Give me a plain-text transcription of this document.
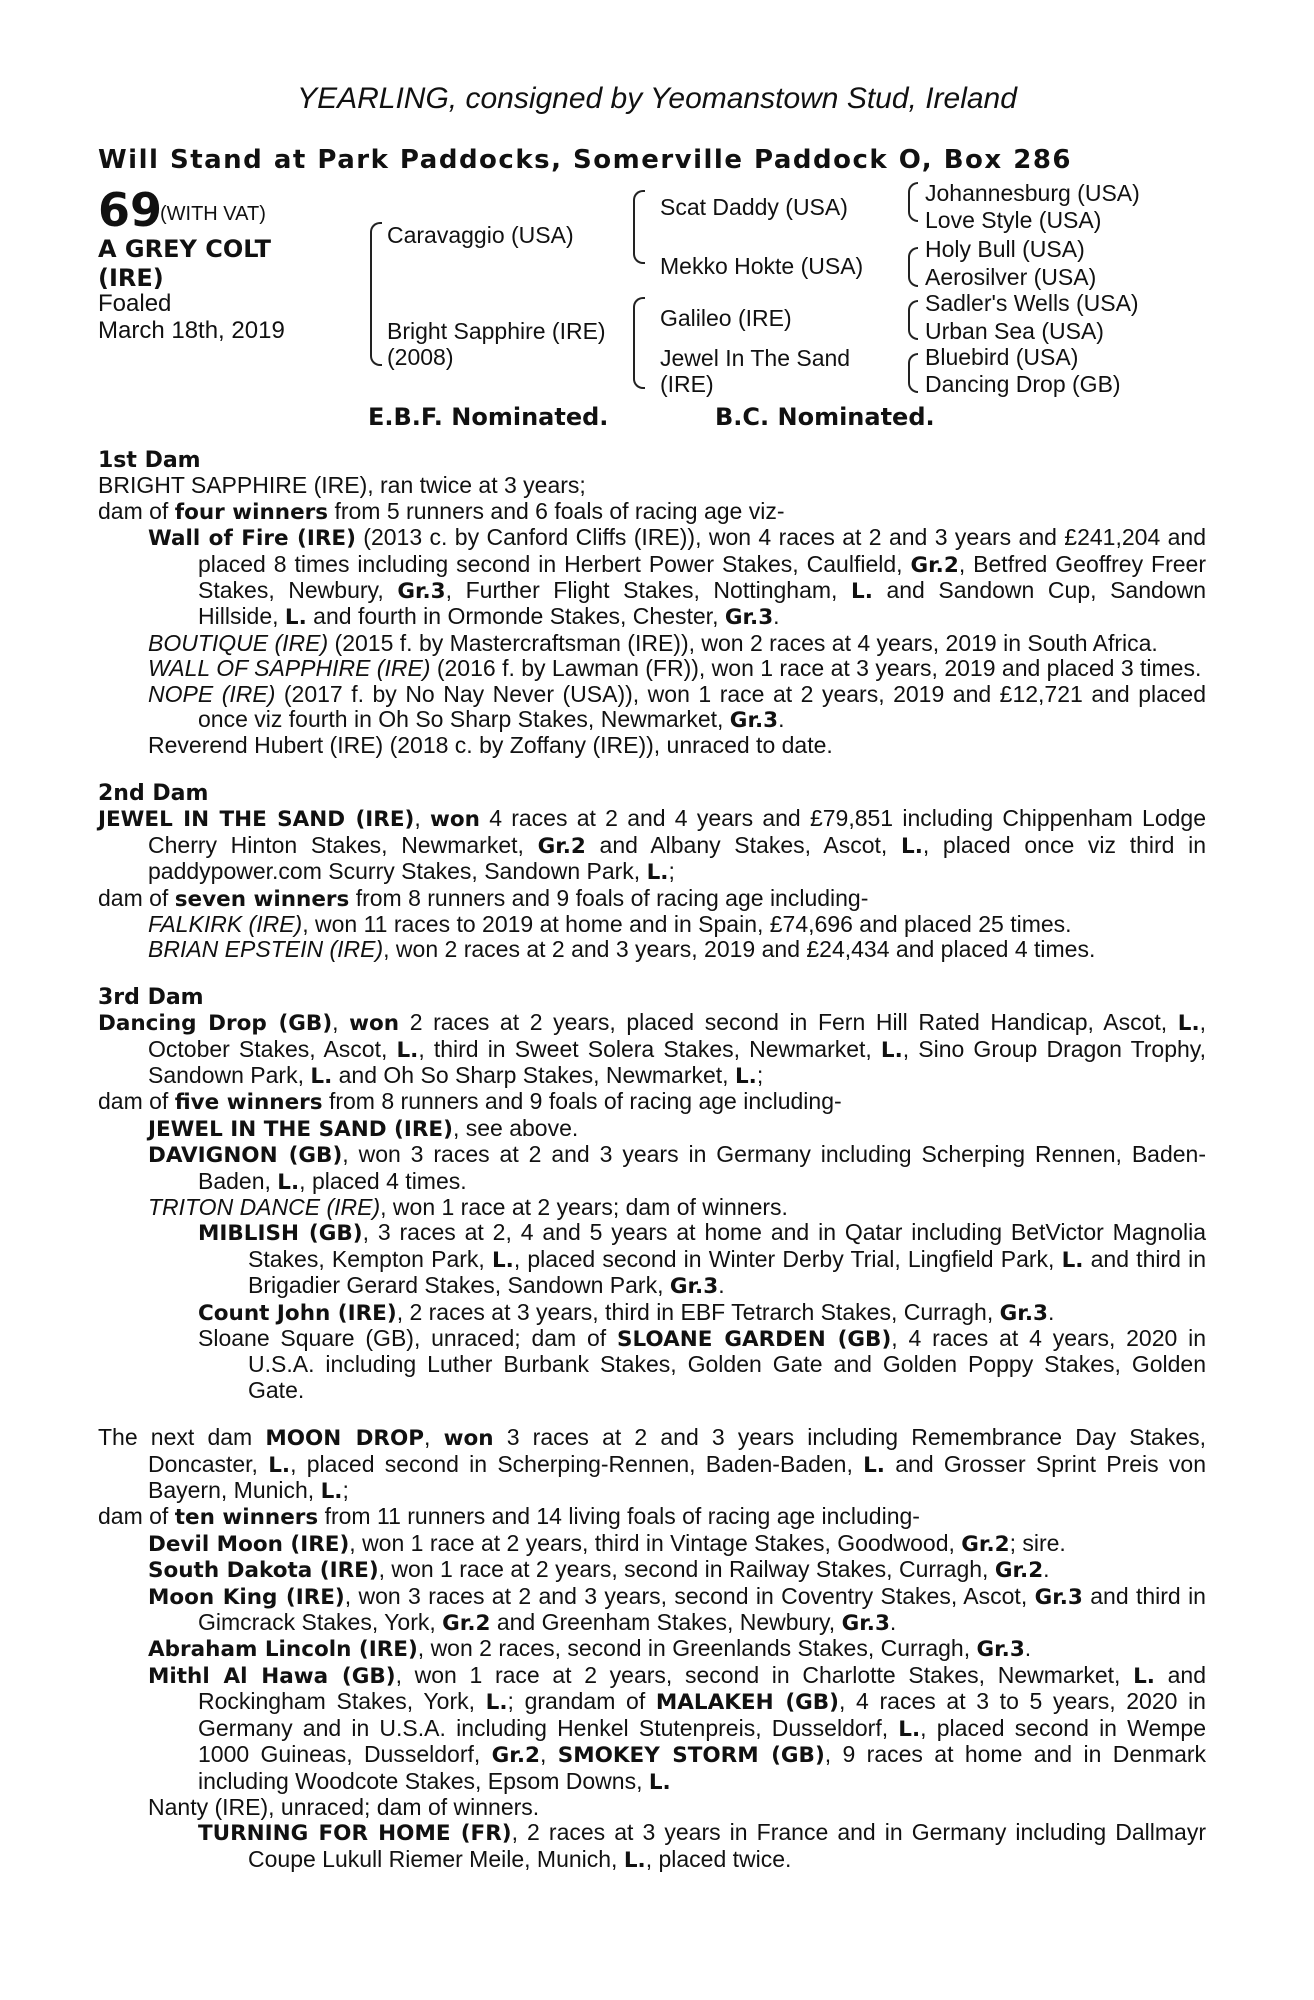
YEARLING, consigned by Yeomanstown Stud, Ireland
Will Stand at Park Paddocks, Somerville Paddock O, Box 286
69
(WITH VAT)
A GREY COLT
(IRE)
Foaled
March 18th, 2019
Caravaggio (USA)
Bright Sapphire (IRE)
(2008)
Scat Daddy (USA)
Mekko Hokte (USA)
Galileo (IRE)
Jewel In The Sand
(IRE)
Johannesburg (USA)
Love Style (USA)
Holy Bull (USA)
Aerosilver (USA)
Sadler's Wells (USA)
Urban Sea (USA)
Bluebird (USA)
Dancing Drop (GB)
E.B.F. Nominated.	B.C. Nominated.
1st Dam
BRIGHT SAPPHIRE (IRE), ran twice at 3 years;
dam of four winners from 5 runners and 6 foals of racing age viz-
Wall of Fire (IRE) (2013 c. by Canford Cliffs (IRE)), won 4 races at 2 and 3 years and £241,204 and placed 8 times including second in Herbert Power Stakes, Caulfield, Gr.2, Betfred Geoffrey Freer Stakes, Newbury, Gr.3, Further Flight Stakes, Nottingham, L. and Sandown Cup, Sandown Hillside, L. and fourth in Ormonde Stakes, Chester, Gr.3.
BOUTIQUE (IRE) (2015 f. by Mastercraftsman (IRE)), won 2 races at 4 years, 2019 in South Africa.
WALL OF SAPPHIRE (IRE) (2016 f. by Lawman (FR)), won 1 race at 3 years, 2019 and placed 3 times.
NOPE (IRE) (2017 f. by No Nay Never (USA)), won 1 race at 2 years, 2019 and £12,721 and placed once viz fourth in Oh So Sharp Stakes, Newmarket, Gr.3.
Reverend Hubert (IRE) (2018 c. by Zoffany (IRE)), unraced to date.
2nd Dam
JEWEL IN THE SAND (IRE), won 4 races at 2 and 4 years and £79,851 including Chippenham Lodge Cherry Hinton Stakes, Newmarket, Gr.2 and Albany Stakes, Ascot, L., placed once viz third in paddypower.com Scurry Stakes, Sandown Park, L.;
dam of seven winners from 8 runners and 9 foals of racing age including-
FALKIRK (IRE), won 11 races to 2019 at home and in Spain, £74,696 and placed 25 times.
BRIAN EPSTEIN (IRE), won 2 races at 2 and 3 years, 2019 and £24,434 and placed 4 times.
3rd Dam
Dancing Drop (GB), won 2 races at 2 years, placed second in Fern Hill Rated Handicap, Ascot, L., October Stakes, Ascot, L., third in Sweet Solera Stakes, Newmarket, L., Sino Group Dragon Trophy, Sandown Park, L. and Oh So Sharp Stakes, Newmarket, L.;
dam of five winners from 8 runners and 9 foals of racing age including-
JEWEL IN THE SAND (IRE), see above.
DAVIGNON (GB), won 3 races at 2 and 3 years in Germany including Scherping Rennen, Baden-Baden, L., placed 4 times.
TRITON DANCE (IRE), won 1 race at 2 years; dam of winners.
MIBLISH (GB), 3 races at 2, 4 and 5 years at home and in Qatar including BetVictor Magnolia Stakes, Kempton Park, L., placed second in Winter Derby Trial, Lingfield Park, L. and third in Brigadier Gerard Stakes, Sandown Park, Gr.3.
Count John (IRE), 2 races at 3 years, third in EBF Tetrarch Stakes, Curragh, Gr.3.
Sloane Square (GB), unraced; dam of SLOANE GARDEN (GB), 4 races at 4 years, 2020 in U.S.A. including Luther Burbank Stakes, Golden Gate and Golden Poppy Stakes, Golden Gate.
The next dam MOON DROP, won 3 races at 2 and 3 years including Remembrance Day Stakes, Doncaster, L., placed second in Scherping-Rennen, Baden-Baden, L. and Grosser Sprint Preis von Bayern, Munich, L.;
dam of ten winners from 11 runners and 14 living foals of racing age including-
Devil Moon (IRE), won 1 race at 2 years, third in Vintage Stakes, Goodwood, Gr.2; sire.
South Dakota (IRE), won 1 race at 2 years, second in Railway Stakes, Curragh, Gr.2.
Moon King (IRE), won 3 races at 2 and 3 years, second in Coventry Stakes, Ascot, Gr.3 and third in Gimcrack Stakes, York, Gr.2 and Greenham Stakes, Newbury, Gr.3.
Abraham Lincoln (IRE), won 2 races, second in Greenlands Stakes, Curragh, Gr.3.
Mithl Al Hawa (GB), won 1 race at 2 years, second in Charlotte Stakes, Newmarket, L. and Rockingham Stakes, York, L.; grandam of MALAKEH (GB), 4 races at 3 to 5 years, 2020 in Germany and in U.S.A. including Henkel Stutenpreis, Dusseldorf, L., placed second in Wempe 1000 Guineas, Dusseldorf, Gr.2, SMOKEY STORM (GB), 9 races at home and in Denmark including Woodcote Stakes, Epsom Downs, L.
Nanty (IRE), unraced; dam of winners.
TURNING FOR HOME (FR), 2 races at 3 years in France and in Germany including Dallmayr Coupe Lukull Riemer Meile, Munich, L., placed twice.
